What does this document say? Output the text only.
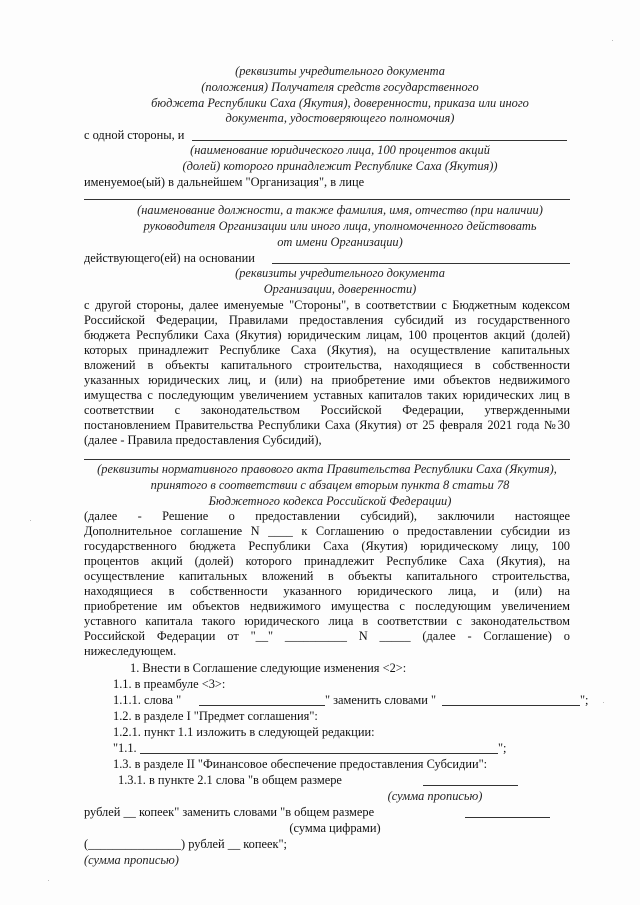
(реквизиты учредительного документа
(положения) Получателя средств государственного
бюджета Республики Саха (Якутия), доверенности, приказа или иного
документа, удостоверяющего полномочия)
с одной стороны, и
(наименование юридического лица, 100 процентов акций
(долей) которого принадлежит Республике Саха (Якутия))
именуемое(ый) в дальнейшем "Организация", в лице
(наименование должности, а также фамилия, имя, отчество (при наличии)
руководителя Организации или иного лица, уполномоченного действовать
от имени Организации)
действующего(ей) на основании
(реквизиты учредительного документа
Организации, доверенности)
с другой стороны, далее именуемые "Стороны", в соответствии с Бюджетным кодексом
Российской Федерации, Правилами предоставления субсидий из государственного
бюджета Республики Саха (Якутия) юридическим лицам, 100 процентов акций (долей)
которых принадлежит Республике Саха (Якутия), на осуществление капитальных
вложений в объекты капитального строительства, находящиеся в собственности
указанных юридических лиц, и (или) на приобретение ими объектов недвижимого
имущества с последующим увеличением уставных капиталов таких юридических лиц в
соответствии с законодательством Российской Федерации, утвержденными
постановлением Правительства Республики Саха (Якутия) от 25 февраля 2021 года №30
(далее - Правила предоставления Субсидий),
(реквизиты нормативного правового акта Правительства Республики Саха (Якутия),
принятого в соответствии с абзацем вторым пункта 8 статьи 78
Бюджетного кодекса Российской Федерации)
(далее - Решение о предоставлении субсидий), заключили настоящее
Дополнительное соглашение N ____ к Соглашению о предоставлении субсидии из
государственного бюджета Республики Саха (Якутия) юридическому лицу, 100
процентов акций (долей) которого принадлежит Республике Саха (Якутия), на
осуществление капитальных вложений в объекты капитального строительства,
находящиеся в собственности указанного юридического лица, и (или) на
приобретение им объектов недвижимого имущества с последующим увеличением
уставного капитала такого юридического лица в соответствии с законодательством
Российской Федерации от "__" __________ N _____ (далее - Соглашение) о
нижеследующем.
1. Внести в Соглашение следующие изменения <2>:
1.1. в преамбуле <3>:
1.1.1. слова "	" заменить словами "	";
1.2. в разделе I "Предмет соглашения":
1.2.1. пункт 1.1 изложить в следующей редакции:
"1.1.	";
1.3. в разделе II "Финансовое обеспечение предоставления Субсидии":
1.3.1. в пункте 2.1 слова "в общем размере
(сумма прописью)
рублей __ копеек" заменить словами "в общем размере
(сумма цифрами)
(_______________) рублей __ копеек";
(сумма прописью)
